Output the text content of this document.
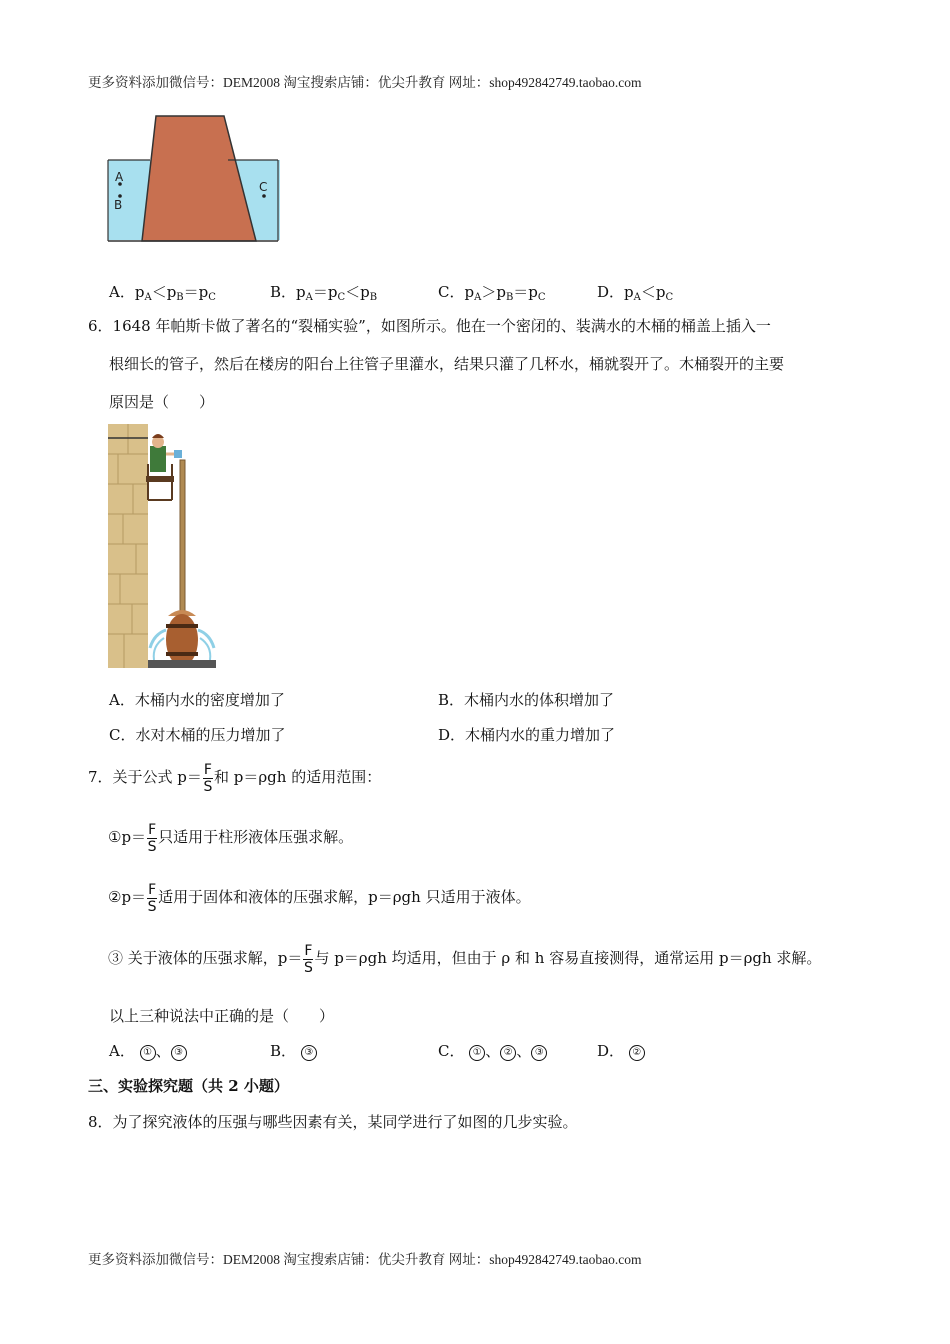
更多资料添加微信号：DEM2008 淘宝搜索店铺：优尖升教育 网址：shop492842749.taobao.com
更多资料添加微信号：DEM2008 淘宝搜索店铺：优尖升教育 网址：shop492842749.taobao.com
A
B
C
A．$p_A<p_B=p_C$	B．$p_A=p_C<p_B$	C．$p_A>p_B=p_C$	D．$p_A<p_C$
6．1648 年帕斯卡做了著名的“裂桶实验”，如图所示。他在一个密闭的、装满水的木桶的桶盖上插入一
根细长的管子，然后在楼房的阳台上往管子里灌水，结果只灌了几杯水，桶就裂开了。木桶裂开的主要
原因是（　　）
A．木桶内水的密度增加了	B．木桶内水的体积增加了
C．水对木桶的压力增加了	D．木桶内水的重力增加了
7．关于公式 $p= \frac{F}{S}$ 和 p＝ρgh 的适用范围：
①p＝ $\frac{F}{S}$ 只适用于柱形液体压强求解。
②p＝ $\frac{F}{S}$ 适用于固体和液体的压强求解，p＝ρgh 只适用于液体。
③ 关于液体的压强求解，$p= \frac{F}{S}$ 与 p＝ρgh 均适用，但由于 ρ 和 h 容易直接测得，通常运用 p＝ρgh 求解。
以上三种说法中正确的是（　　）
A． ① 、 ③	B． ③	C． ① 、 ② 、 ③	D． ②
三、实验探究题（共 2 小题）
8．为了探究液体的压强与哪些因素有关，某同学进行了如图的几步实验。
